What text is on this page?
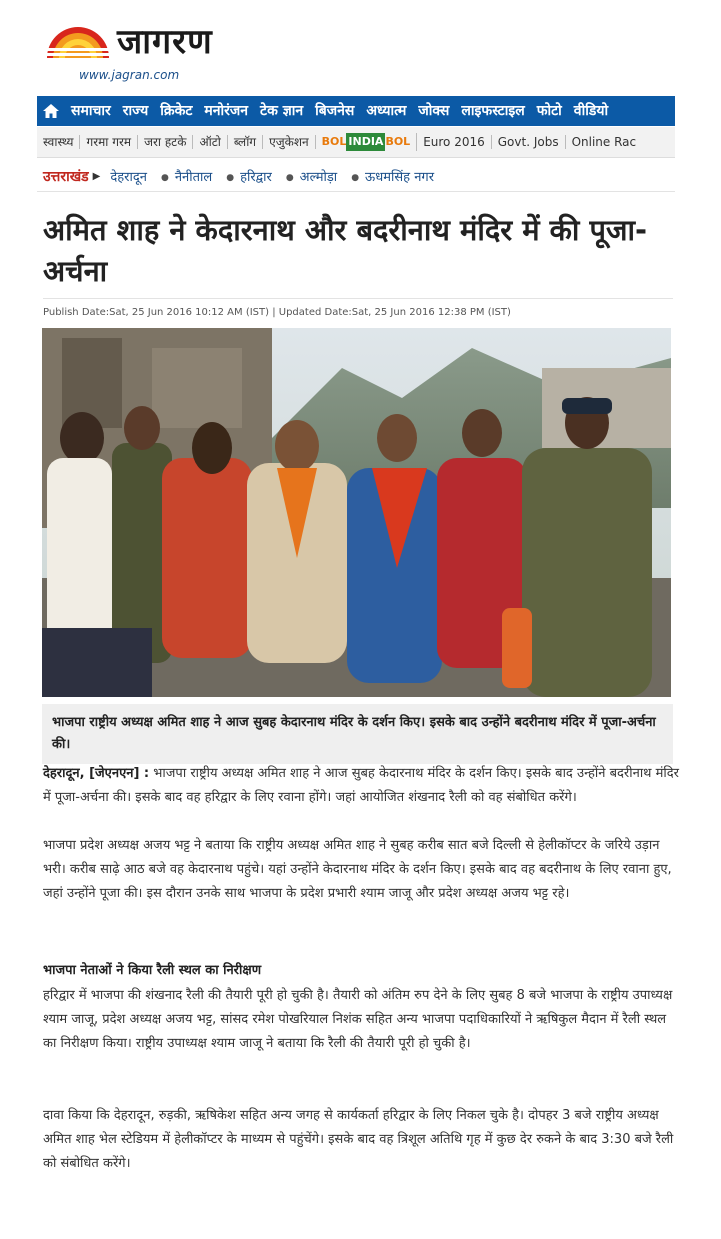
जागरण
www.jagran.com
समाचार राज्य क्रिकेट मनोरंजन टेक ज्ञान बिजनेस अध्यात्म जोक्स लाइफस्टाइल फोटो वीडियो
स्वास्थ्य	गरमा गरम	जरा हटके	ऑटो	ब्लॉग	एजुकेशन	BOL INDIA BOL	Euro 2016	Govt. Jobs	Online Rac
उत्तराखंड ▶ देहरादून	● नैनीताल	● हरिद्वार	● अल्मोड़ा	● ऊधमसिंह नगर
अमित शाह ने केदारनाथ और बदरीनाथ मंदिर में की पूजा-अर्चना
Publish Date:Sat, 25 Jun 2016 10:12 AM (IST) | Updated Date:Sat, 25 Jun 2016 12:38 PM (IST)
भाजपा राष्ट्रीय अध्यक्ष अमित शाह ने आज सुबह केदारनाथ मंदिर के दर्शन किए। इसके बाद उन्होंने बदरीनाथ मंदिर में पूजा-अर्चना की।

देहरादून, [जेएनएन] : भाजपा राष्ट्रीय अध्यक्ष अमित शाह ने आज सुबह केदारनाथ मंदिर के दर्शन किए। इसके बाद उन्होंने बदरीनाथ मंदिर में पूजा-अर्चना की। इसके बाद वह हरिद्वार के लिए रवाना होंगे। जहां आयोजित शंखनाद रैली को वह संबोधित करेंगे।

भाजपा प्रदेश अध्यक्ष अजय भट्ट ने बताया कि राष्ट्रीय अध्यक्ष अमित शाह ने सुबह करीब सात बजे दिल्ली से हेलीकॉप्टर के जरिये उड़ान भरी। करीब साढ़े आठ बजे वह केदारनाथ पहुंचे। यहां उन्होंने केदारनाथ मंदिर के दर्शन किए। इसके बाद वह बदरीनाथ के लिए रवाना हुए, जहां उन्होंने पूजा की। इस दौरान उनके साथ भाजपा के प्रदेश प्रभारी श्याम जाजू और प्रदेश अध्यक्ष अजय भट्ट रहे।

भाजपा नेताओं ने किया रैली स्थल का निरीक्षण

हरिद्वार में भाजपा की शंखनाद रैली की तैयारी पूरी हो चुकी है। तैयारी को अंतिम रुप देने के लिए सुबह 8 बजे भाजपा के राष्ट्रीय उपाध्यक्ष श्याम जाजू, प्रदेश अध्यक्ष अजय भट्ट, सांसद रमेश पोखरियाल निशंक सहित अन्य भाजपा पदाधिकारियों ने ऋषिकुल मैदान में रैली स्थल का निरीक्षण किया। राष्ट्रीय उपाध्यक्ष श्याम जाजू ने बताया कि रैली की तैयारी पूरी हो चुकी है।

दावा किया कि देहरादून, रुड़की, ऋषिकेश सहित अन्य जगह से कार्यकर्ता हरिद्वार के लिए निकल चुके है। दोपहर 3 बजे राष्ट्रीय अध्यक्ष अमित शाह भेल स्टेडियम में हेलीकॉप्टर के माध्यम से पहुंचेंगे। इसके बाद वह त्रिशूल अतिथि गृह में कुछ देर रुकने के बाद 3:30 बजे रैली को संबोधित करेंगे।
